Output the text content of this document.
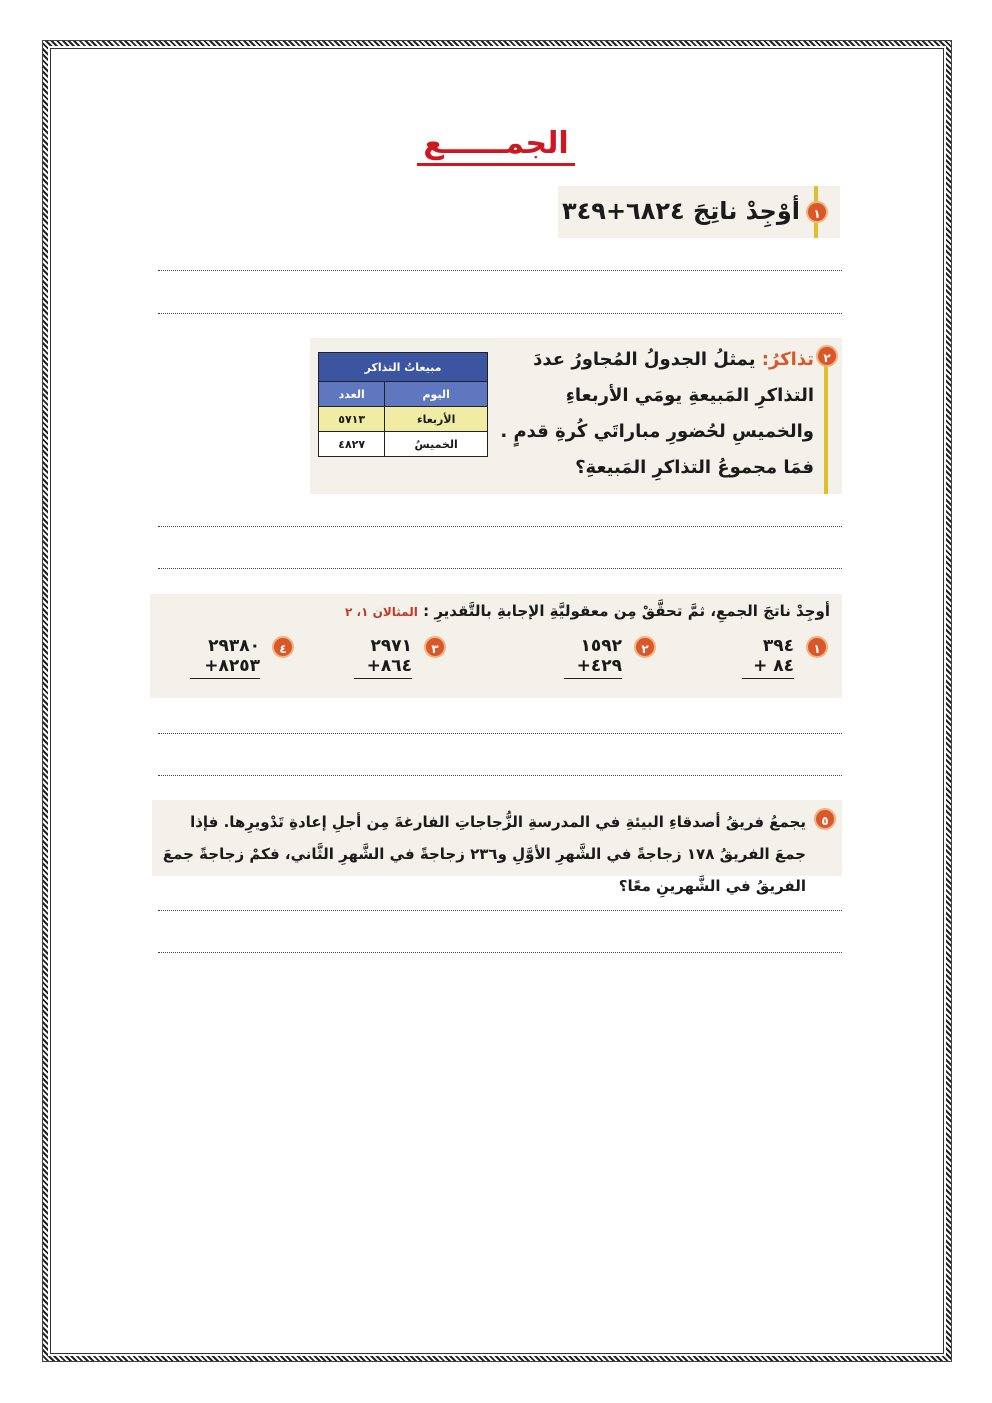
الجمــــــع
١
أوْجِدْ ناتِجَ ٦٨٢٤+٣٤٩
٢
تذاكرُ: يمثلُ الجدولُ المُجاورُ عددَ التذاكرِ المَبيعةِ يومَي الأربعاءِ والخميسِ لحُضورِ مباراتَي كُرةِ قدمٍ . فمَا مجموعُ التذاكرِ المَبيعةِ؟
مبيعاتُ التذاكر	
اليوم	العدد
الأربعاء	٥٧١٣
الخميسُ	٤٨٢٧
أوجِدْ ناتجَ الجمعِ، ثمَّ تحقَّقْ مِن معقوليَّةِ الإجابةِ بالتَّقديرِ : المثالان ١، ٢
١
٣٩٤
+ ٨٤
٢
١٥٩٢
+٤٢٩
٣
٢٩٧١
+٨٦٤
٤
٢٩٣٨٠
+٨٢٥٣
٥
يجمعُ فريقُ أصدقاءِ البيئةِ في المدرسةِ الزُّجاجاتِ الفارغةَ مِن أجلِ إعادةِ تَدْويرِها. فإذا جمعَ الفريقُ ١٧٨ زجاجةً في الشَّهرِ الأوَّلِ و٢٣٦ زجاجةً في الشَّهرِ الثَّاني، فكمْ زجاجةً جمعَ الفريقُ في الشَّهرينِ معًا؟
